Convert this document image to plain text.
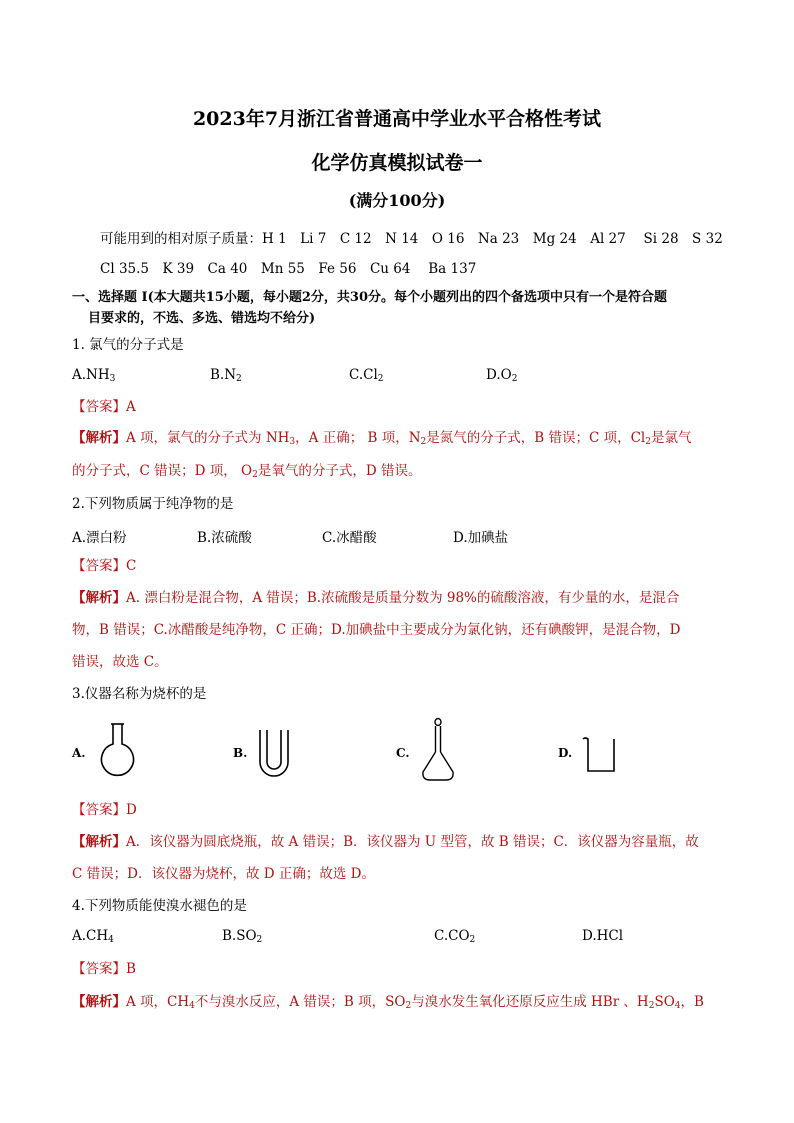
2023年7月浙江省普通高中学业水平合格性考试
化学仿真模拟试卷一
(满分100分)
可能用到的相对原子质量：H 1　Li 7　C 12　N 14　O 16　Na 23　Mg 24　Al 27　 Si 28　S 32
Cl 35.5　K 39　Ca 40　Mn 55　Fe 56　Cu 64　 Ba 137
一、选择题 I(本大题共15小题，每小题2分，共30分。每个小题列出的四个备选项中只有一个是符合题
目要求的，不选、多选、错选均不给分)
1. 氯气的分子式是
$A.NH_3$	$B.N_2$	$C.Cl_2$	$D.O_2$
【答案】A
【解析】A 项，氯气的分子式为 $NH_3$，A 正确； B 项，$N_2$是氮气的分子式，B 错误；C 项，$Cl_2$是氯气
的分子式，C 错误；D 项， $O_2$是氧气的分子式，D 错误。
2.下列物质属于纯净物的是
A.漂白粉	B.浓硫酸	C.冰醋酸	D.加碘盐
【答案】C
【解析】A. 漂白粉是混合物，A 错误；B.浓硫酸是质量分数为 98%的硫酸溶液，有少量的水，是混合
物，B 错误；C.冰醋酸是纯净物，C 正确；D.加碘盐中主要成分为氯化钠，还有碘酸钾，是混合物，D
错误，故选 C。
3.仪器名称为烧杯的是
A.	B.	C.	D.
【答案】D
【解析】A．该仪器为圆底烧瓶，故 A 错误；B．该仪器为 U 型管，故 B 错误；C．该仪器为容量瓶，故
C 错误；D．该仪器为烧杯，故 D 正确；故选 D。
4.下列物质能使溴水褪色的是
$A.CH_4$	$B.SO_2$	$C.CO_2$	D.HCl
【答案】B
【解析】A 项，$CH_4$不与溴水反应，A 错误；B 项，$SO_2$与溴水发生氧化还原反应生成 HBr 、$H_2SO_4$，B
